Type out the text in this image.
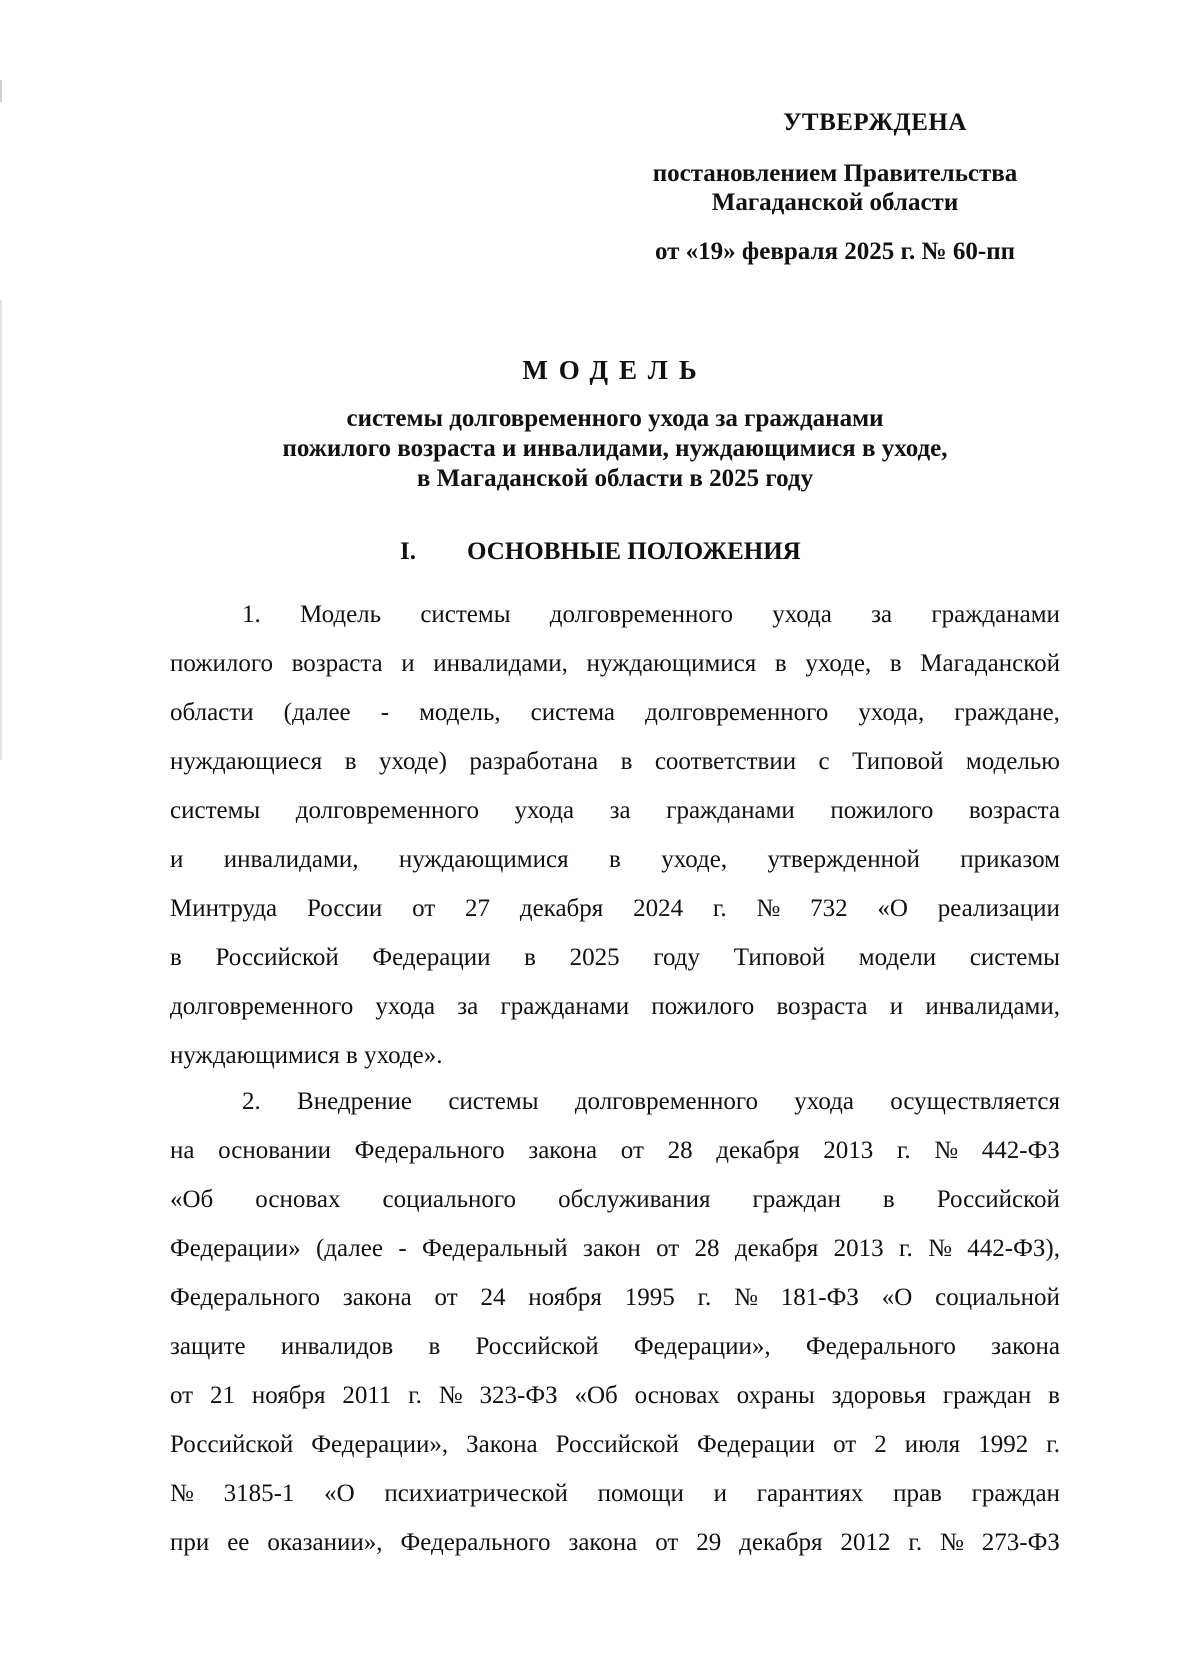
УТВЕРЖДЕНА
постановлением Правительства
Магаданской области
от «19» февраля 2025 г. № 60-пп
МОДЕЛЬ
системы долговременного ухода за гражданами
пожилого возраста и инвалидами, нуждающимися в уходе,
в Магаданской области в 2025 году
I. ОСНОВНЫЕ ПОЛОЖЕНИЯ
1. Модель системы долговременного ухода за гражданами
пожилого возраста и инвалидами, нуждающимися в уходе, в Магаданской
области (далее - модель, система долговременного ухода, граждане,
нуждающиеся в уходе) разработана в соответствии с Типовой моделью
системы долговременного ухода за гражданами пожилого возраста
и инвалидами, нуждающимися в уходе, утвержденной приказом
Минтруда России от 27 декабря 2024 г. № 732 «О реализации
в Российской Федерации в 2025 году Типовой модели системы
долговременного ухода за гражданами пожилого возраста и инвалидами,
нуждающимися в уходе».
2. Внедрение системы долговременного ухода осуществляется
на основании Федерального закона от 28 декабря 2013 г. № 442-ФЗ
«Об основах социального обслуживания граждан в Российской
Федерации» (далее - Федеральный закон от 28 декабря 2013 г. № 442-ФЗ),
Федерального закона от 24 ноября 1995 г. № 181-ФЗ «О социальной
защите инвалидов в Российской Федерации», Федерального закона
от 21 ноября 2011 г. № 323-ФЗ «Об основах охраны здоровья граждан в
Российской Федерации», Закона Российской Федерации от 2 июля 1992 г.
№ 3185-1 «О психиатрической помощи и гарантиях прав граждан
при ее оказании», Федерального закона от 29 декабря 2012 г. № 273-ФЗ
